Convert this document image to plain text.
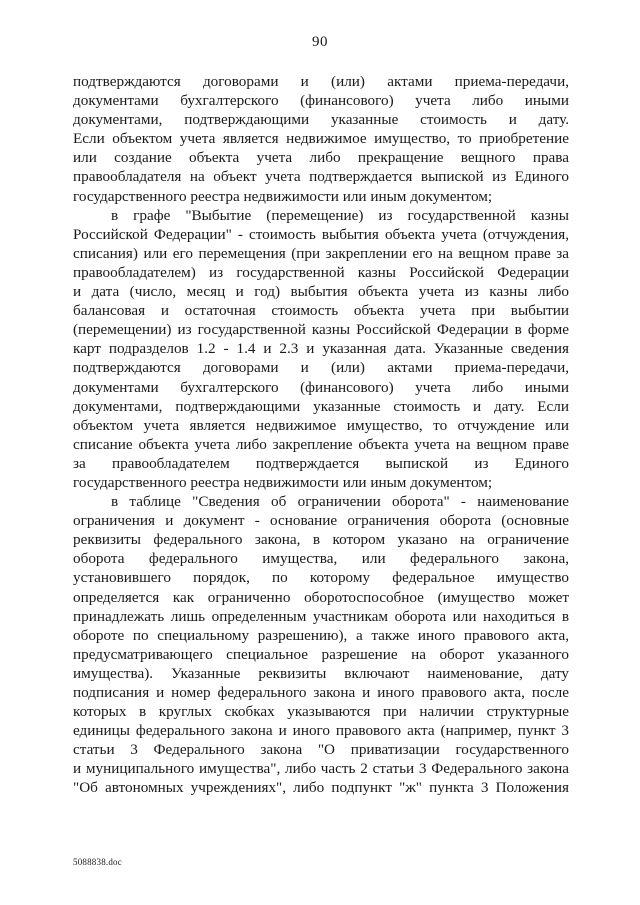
90
подтверждаются договорами и (или) актами приема-передачи,
документами бухгалтерского (финансового) учета либо иными
документами, подтверждающими указанные стоимость и дату.
Если объектом учета является недвижимое имущество, то приобретение
или создание объекта учета либо прекращение вещного права
правообладателя на объект учета подтверждается выпиской из Единого
государственного реестра недвижимости или иным документом;
в графе "Выбытие (перемещение) из государственной казны
Российской Федерации" - стоимость выбытия объекта учета (отчуждения,
списания) или его перемещения (при закреплении его на вещном праве за
правообладателем) из государственной казны Российской Федерации
и дата (число, месяц и год) выбытия объекта учета из казны либо
балансовая и остаточная стоимость объекта учета при выбытии
(перемещении) из государственной казны Российской Федерации в форме
карт подразделов 1.2 - 1.4 и 2.3 и указанная дата. Указанные сведения
подтверждаются договорами и (или) актами приема-передачи,
документами бухгалтерского (финансового) учета либо иными
документами, подтверждающими указанные стоимость и дату. Если
объектом учета является недвижимое имущество, то отчуждение или
списание объекта учета либо закрепление объекта учета на вещном праве
за правообладателем подтверждается выпиской из Единого
государственного реестра недвижимости или иным документом;
в таблице "Сведения об ограничении оборота" - наименование
ограничения и документ - основание ограничения оборота (основные
реквизиты федерального закона, в котором указано на ограничение
оборота федерального имущества, или федерального закона,
установившего порядок, по которому федеральное имущество
определяется как ограниченно оборотоспособное (имущество может
принадлежать лишь определенным участникам оборота или находиться в
обороте по специальному разрешению), а также иного правового акта,
предусматривающего специальное разрешение на оборот указанного
имущества). Указанные реквизиты включают наименование, дату
подписания и номер федерального закона и иного правового акта, после
которых в круглых скобках указываются при наличии структурные
единицы федерального закона и иного правового акта (например, пункт 3
статьи 3 Федерального закона "О приватизации государственного
и муниципального имущества", либо часть 2 статьи 3 Федерального закона
"Об автономных учреждениях", либо подпункт "ж" пункта 3 Положения
5088838.doc
